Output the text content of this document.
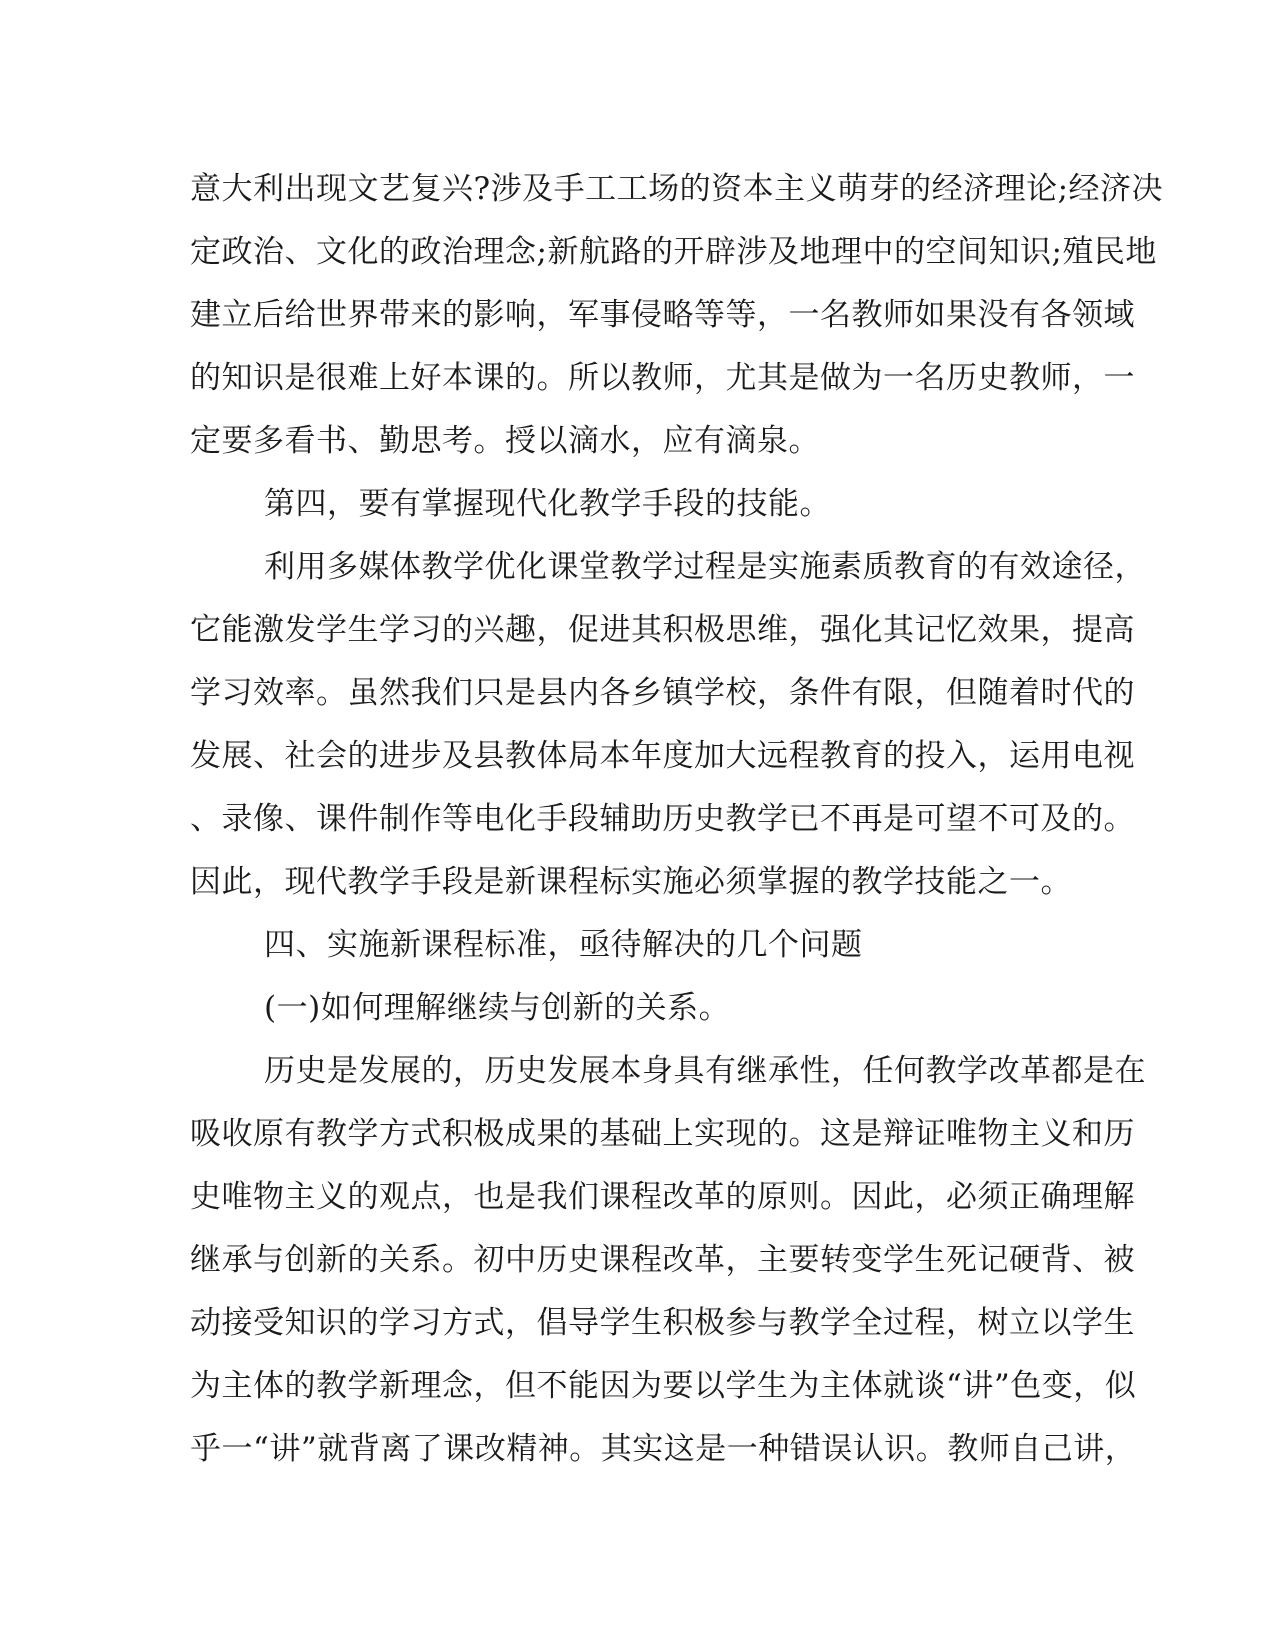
意大利出现文艺复兴?涉及手工工场的资本主义萌芽的经济理论;经济决
定政治、文化的政治理念;新航路的开辟涉及地理中的空间知识;殖民地
建立后给世界带来的影响，军事侵略等等，一名教师如果没有各领域
的知识是很难上好本课的。所以教师，尤其是做为一名历史教师，一
定要多看书、勤思考。授以滴水，应有滴泉。
第四，要有掌握现代化教学手段的技能。
利用多媒体教学优化课堂教学过程是实施素质教育的有效途径，
它能激发学生学习的兴趣，促进其积极思维，强化其记忆效果，提高
学习效率。虽然我们只是县内各乡镇学校，条件有限，但随着时代的
发展、社会的进步及县教体局本年度加大远程教育的投入，运用电视
、录像、课件制作等电化手段辅助历史教学已不再是可望不可及的。
因此，现代教学手段是新课程标实施必须掌握的教学技能之一。
四、实施新课程标准，亟待解决的几个问题
(一)如何理解继续与创新的关系。
历史是发展的，历史发展本身具有继承性，任何教学改革都是在
吸收原有教学方式积极成果的基础上实现的。这是辩证唯物主义和历
史唯物主义的观点，也是我们课程改革的原则。因此，必须正确理解
继承与创新的关系。初中历史课程改革，主要转变学生死记硬背、被
动接受知识的学习方式，倡导学生积极参与教学全过程，树立以学生
为主体的教学新理念，但不能因为要以学生为主体就谈“讲”色变，似
乎一“讲”就背离了课改精神。其实这是一种错误认识。教师自己讲，
